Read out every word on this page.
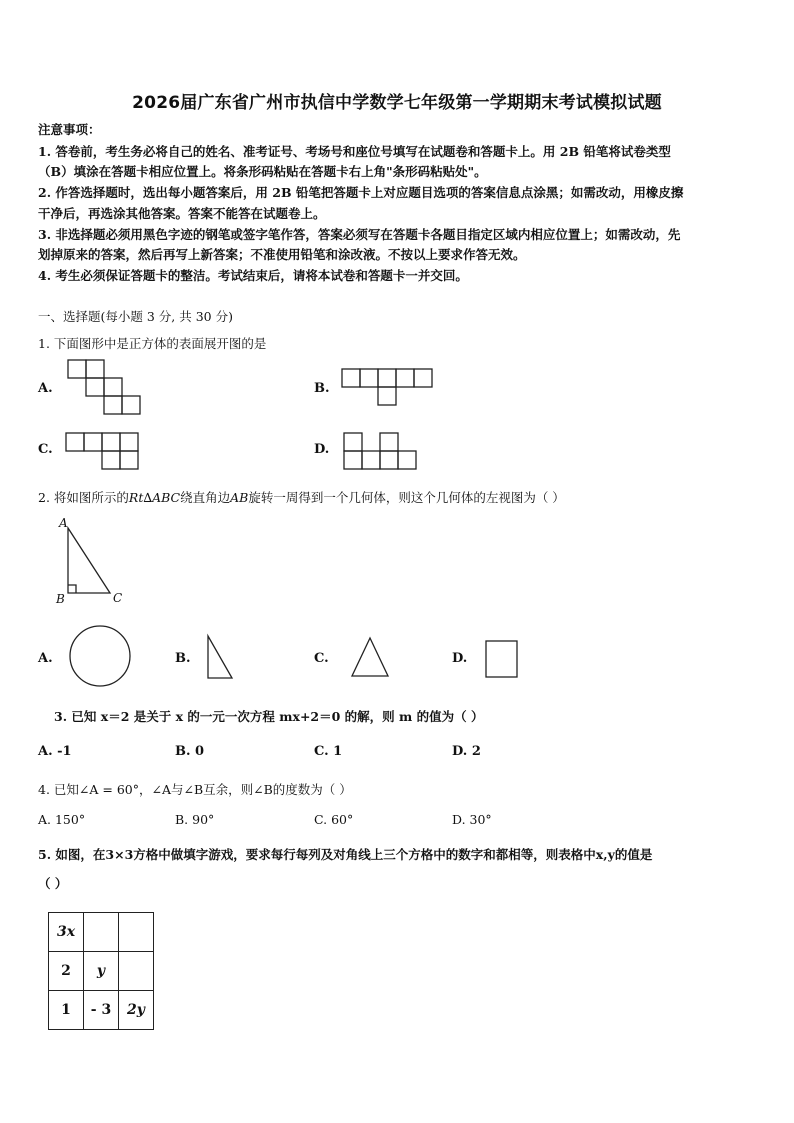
2026届广东省广州市执信中学数学七年级第一学期期末考试模拟试题
注意事项：
1. 答卷前，考生务必将自己的姓名、准考证号、考场号和座位号填写在试题卷和答题卡上。用 2B 铅笔将试卷类型
（B）填涂在答题卡相应位置上。将条形码粘贴在答题卡右上角"条形码粘贴处"。
2. 作答选择题时，选出每小题答案后，用 2B 铅笔把答题卡上对应题目选项的答案信息点涂黑；如需改动，用橡皮擦
干净后，再选涂其他答案。答案不能答在试题卷上。
3. 非选择题必须用黑色字迹的钢笔或签字笔作答，答案必须写在答题卡各题目指定区域内相应位置上；如需改动，先
划掉原来的答案，然后再写上新答案；不准使用铅笔和涂改液。不按以上要求作答无效。
4. 考生必须保证答题卡的整洁。考试结束后，请将本试卷和答题卡一并交回。
一、选择题(每小题 3 分, 共 30 分)
1. 下面图形中是正方体的表面展开图的是
A.	B.
C.	D.
2. 将如图所示的Rt∆ABC绕直角边AB旋转一周得到一个几何体，则这个几何体的左视图为（ ）
A
B	C
A.	B.	C.	D.
3. 已知 x＝2 是关于 x 的一元一次方程 mx+2＝0 的解，则 m 的值为（ ）
A. -1	B. 0	C. 1	D. 2
4. 已知∠A = 60°，∠A与∠B互余，则∠B的度数为（ ）
A. 150°	B. 90°	C. 60°	D. 30°
5. 如图，在3×3方格中做填字游戏，要求每行每列及对角线上三个方格中的数字和都相等，则表格中x,y的值是
（ ）
3x		
2	y	
1	- 3	2y
